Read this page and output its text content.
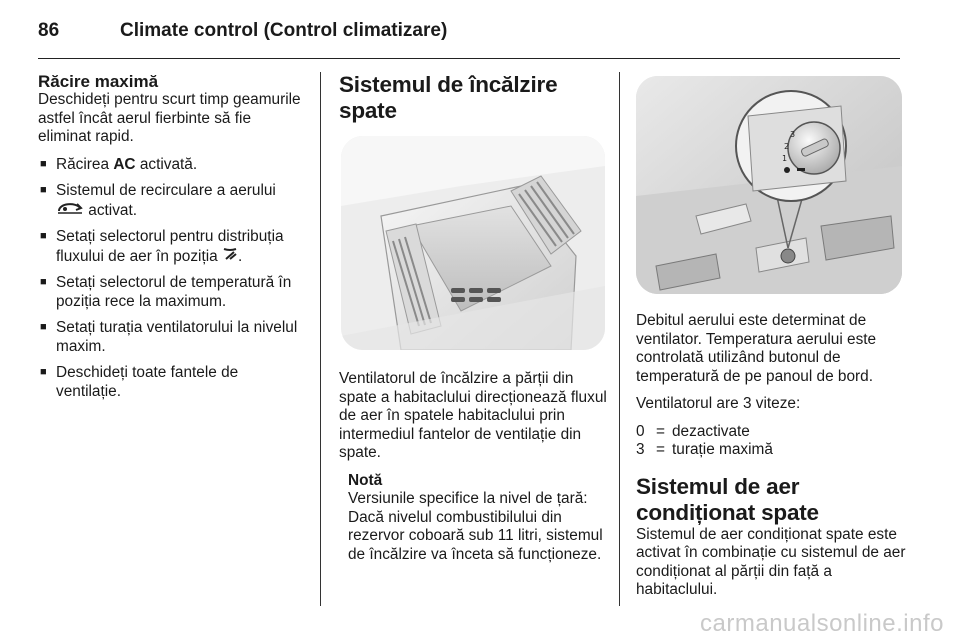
86	Climate control (Control climatizare)
Răcire maximă

Deschideți pentru scurt timp geamurile astfel încât aerul fierbinte să fie eliminat rapid.

■ Răcirea AC activată.
■ Sistemul de recirculare a aerului  activat.
■ Setați selectorul pentru distribuția fluxului de aer în poziția .
■ Setați selectorul de temperatură în poziția rece la maximum.
■ Setați turația ventilatorului la nivelul maxim.
■ Deschideți toate fantele de ventilație.
Sistemul de încălzire spate

Ventilatorul de încălzire a părții din spate a habitaclului direcționează fluxul de aer în spatele habitaclului prin intermediul fantelor de ventilație din spate.

Notă
Versiunile specifice la nivel de țară: Dacă nivelul combustibilului din rezervor coboară sub 11 litri, sistemul de încălzire va înceta să funcționeze.
3
2
1

Debitul aerului este determinat de ventilator. Temperatura aerului este controlată utilizând butonul de temperatură de pe panoul de bord.

Ventilatorul are 3 viteze:

0	=	dezactivate
3	=	turație maximă
Sistemul de aer condiționat spate

Sistemul de aer condiționat spate este activat în combinație cu sistemul de aer condiționat al părții din față a habitaclului.

carmanualsonline.info
